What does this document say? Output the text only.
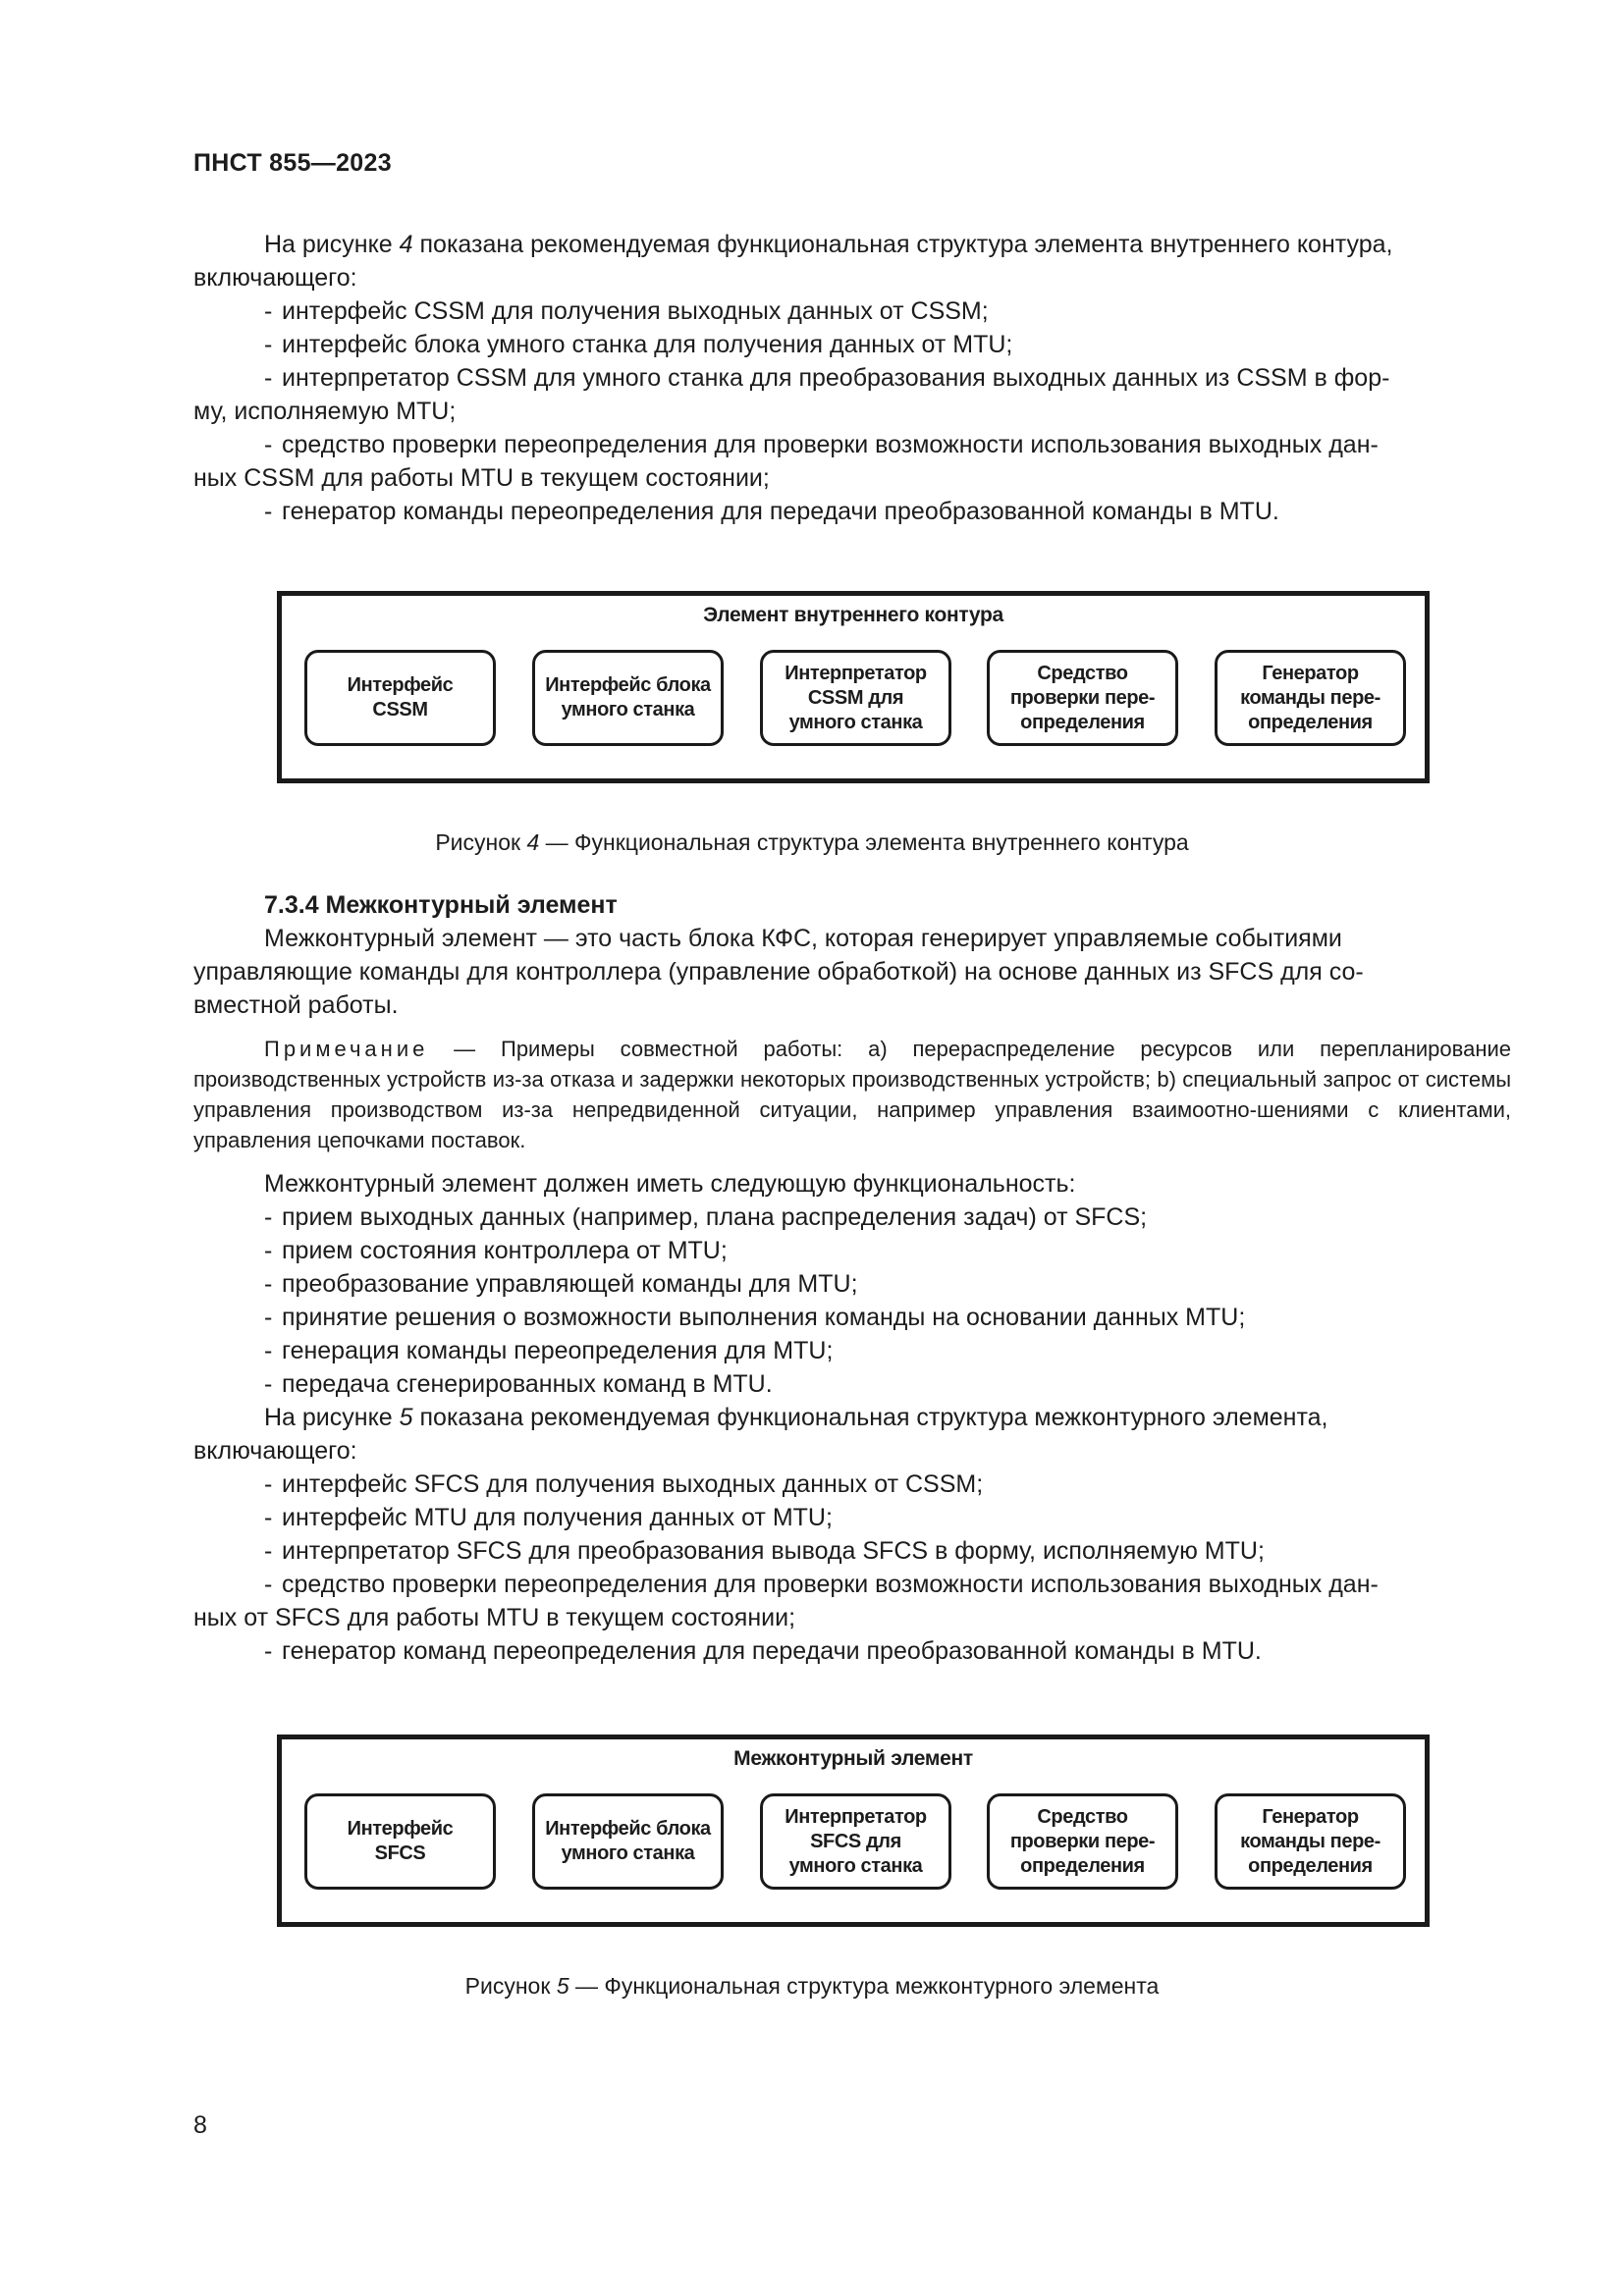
ПНСТ 855—2023

На рисунке 4 показана рекомендуемая функциональная структура элемента внутреннего контура,

включающего:

- интерфейс CSSM для получения выходных данных от CSSM;

- интерфейс блока умного станка для получения данных от MTU;

- интерпретатор CSSM для умного станка для преобразования выходных данных из CSSM в фор-

му, исполняемую MTU;

- средство проверки переопределения для проверки возможности использования выходных дан-

ных CSSM для работы MTU в текущем состоянии;

- генератор команды переопределения для передачи преобразованной команды в MTU.

Элемент внутреннего контура
Интерфейс
CSSM
Интерфейс блока
умного станка
Интерпретатор
CSSM для
умного станка
Средство
проверки пере-
определения
Генератор
команды пере-
определения
Рисунок 4 — Функциональная структура элемента внутреннего контура

7.3.4 Межконтурный элемент

Межконтурный элемент — это часть блока КФС, которая генерирует управляемые событиями

управляющие команды для контроллера (управление обработкой) на основе данных из SFCS для со-

вместной работы.

Примечание — Примеры совместной работы: a) перераспределение ресурсов или перепланирование производственных устройств из-за отказа и задержки некоторых производственных устройств; b) специальный запрос от системы управления производством из-за непредвиденной ситуации, например управления взаимоотно-шениями с клиентами, управления цепочками поставок.

Межконтурный элемент должен иметь следующую функциональность:

- прием выходных данных (например, плана распределения задач) от SFCS;

- прием состояния контроллера от MTU;

- преобразование управляющей команды для MTU;

- принятие решения о возможности выполнения команды на основании данных MTU;

- генерация команды переопределения для MTU;

- передача сгенерированных команд в MTU.

На рисунке 5 показана рекомендуемая функциональная структура межконтурного элемента,

включающего:

- интерфейс SFCS для получения выходных данных от CSSM;

- интерфейс MTU для получения данных от MTU;

- интерпретатор SFCS для преобразования вывода SFCS в форму, исполняемую MTU;

- средство проверки переопределения для проверки возможности использования выходных дан-

ных от SFCS для работы MTU в текущем состоянии;

- генератор команд переопределения для передачи преобразованной команды в MTU.

Межконтурный элемент
Интерфейс
SFCS
Интерфейс блока
умного станка
Интерпретатор
SFCS для
умного станка
Средство
проверки пере-
определения
Генератор
команды пере-
определения
Рисунок 5 — Функциональная структура межконтурного элемента
8
